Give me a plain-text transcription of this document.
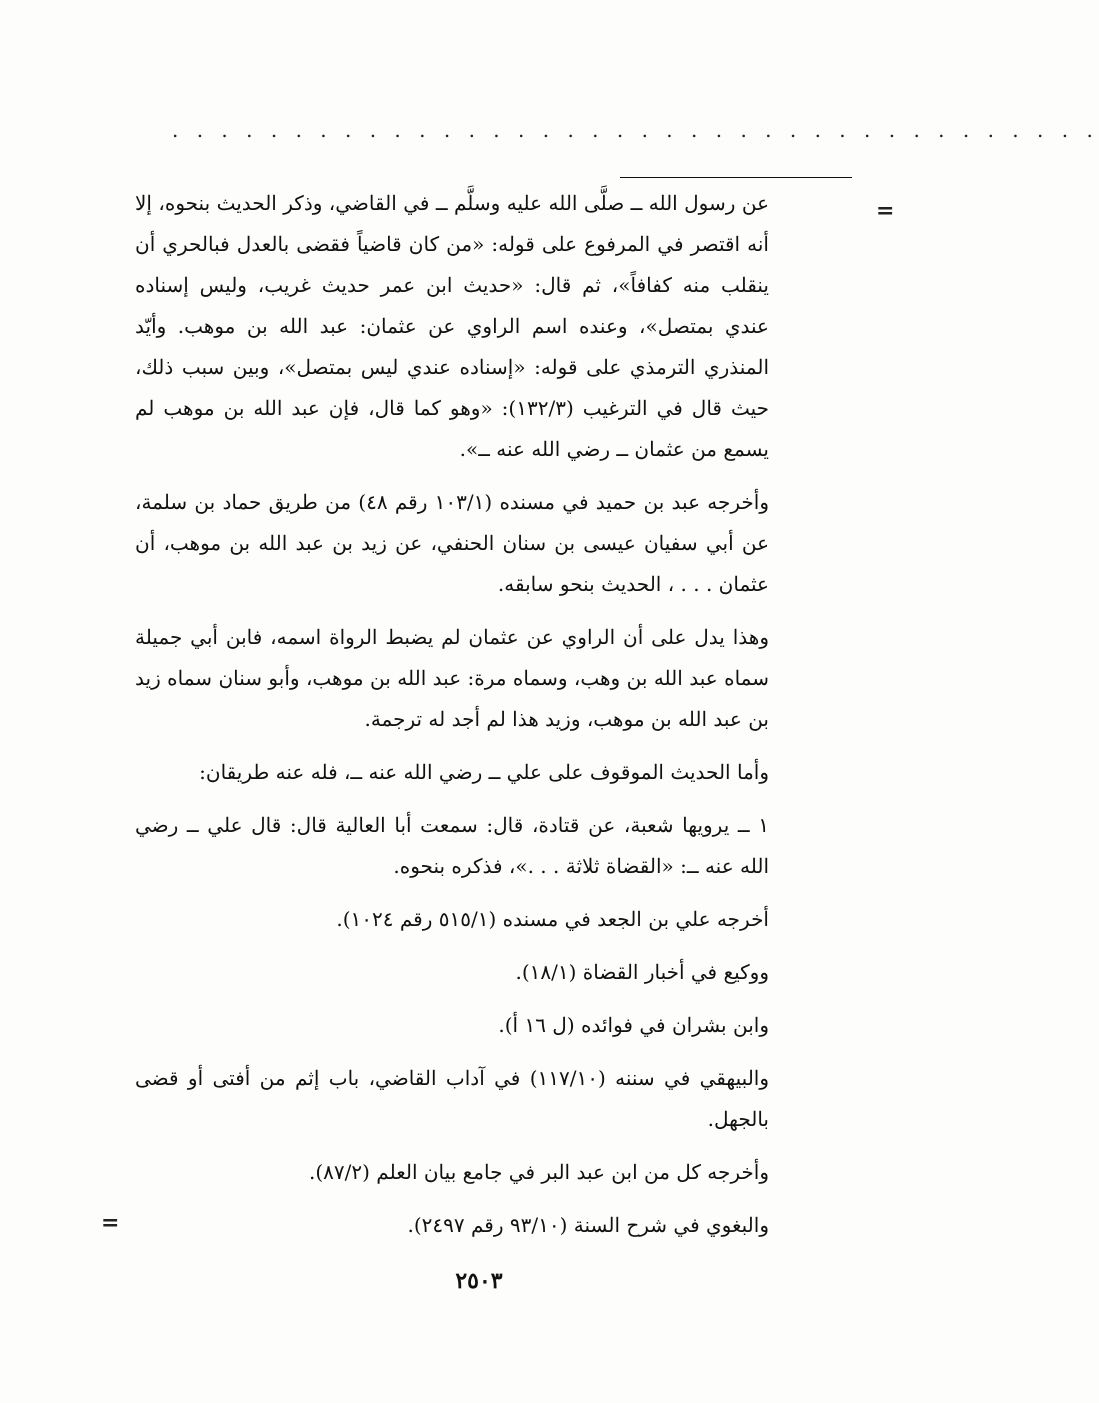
. . . . . . . . . . . . . . . . . . . . . . . . . . . . . . . . . . . . . .
=
=

عن رسول الله ــ صلَّى الله عليه وسلَّم ــ في القاضي، وذكر الحديث بنحوه، إلا أنه اقتصر في المرفوع على قوله: «من كان قاضياً فقضى بالعدل فبالحري أن ينقلب منه كفافاً»، ثم قال: «حديث ابن عمر حديث غريب، وليس إسناده عندي بمتصل»، وعنده اسم الراوي عن عثمان: عبد الله بن موهب. وأيّد المنذري الترمذي على قوله: «إسناده عندي ليس بمتصل»، وبين سبب ذلك، حيث قال في الترغيب (١٣٢/٣): «وهو كما قال، فإن عبد الله بن موهب لم يسمع من عثمان ــ رضي الله عنه ــ».

وأخرجه عبد بن حميد في مسنده (١٠٣/١ رقم ٤٨) من طريق حماد بن سلمة، عن أبي سفيان عيسى بن سنان الحنفي، عن زيد بن عبد الله بن موهب، أن عثمان . . . ، الحديث بنحو سابقه.

وهذا يدل على أن الراوي عن عثمان لم يضبط الرواة اسمه، فابن أبي جميلة سماه عبد الله بن وهب، وسماه مرة: عبد الله بن موهب، وأبو سنان سماه زيد بن عبد الله بن موهب، وزيد هذا لم أجد له ترجمة.

وأما الحديث الموقوف على علي ــ رضي الله عنه ــ، فله عنه طريقان:

١ ــ يرويها شعبة، عن قتادة، قال: سمعت أبا العالية قال: قال علي ــ رضي الله عنه ــ: «القضاة ثلاثة . . .»، فذكره بنحوه.

أخرجه علي بن الجعد في مسنده (٥١٥/١ رقم ١٠٢٤).

ووكيع في أخبار القضاة (١٨/١).

وابن بشران في فوائده (ل ١٦ أ).

والبيهقي في سننه (١١٧/١٠) في آداب القاضي، باب إثم من أفتى أو قضى بالجهل.

وأخرجه كل من ابن عبد البر في جامع بيان العلم (٨٧/٢).

والبغوي في شرح السنة (٩٣/١٠ رقم ٢٤٩٧).

٢٥٠٣
